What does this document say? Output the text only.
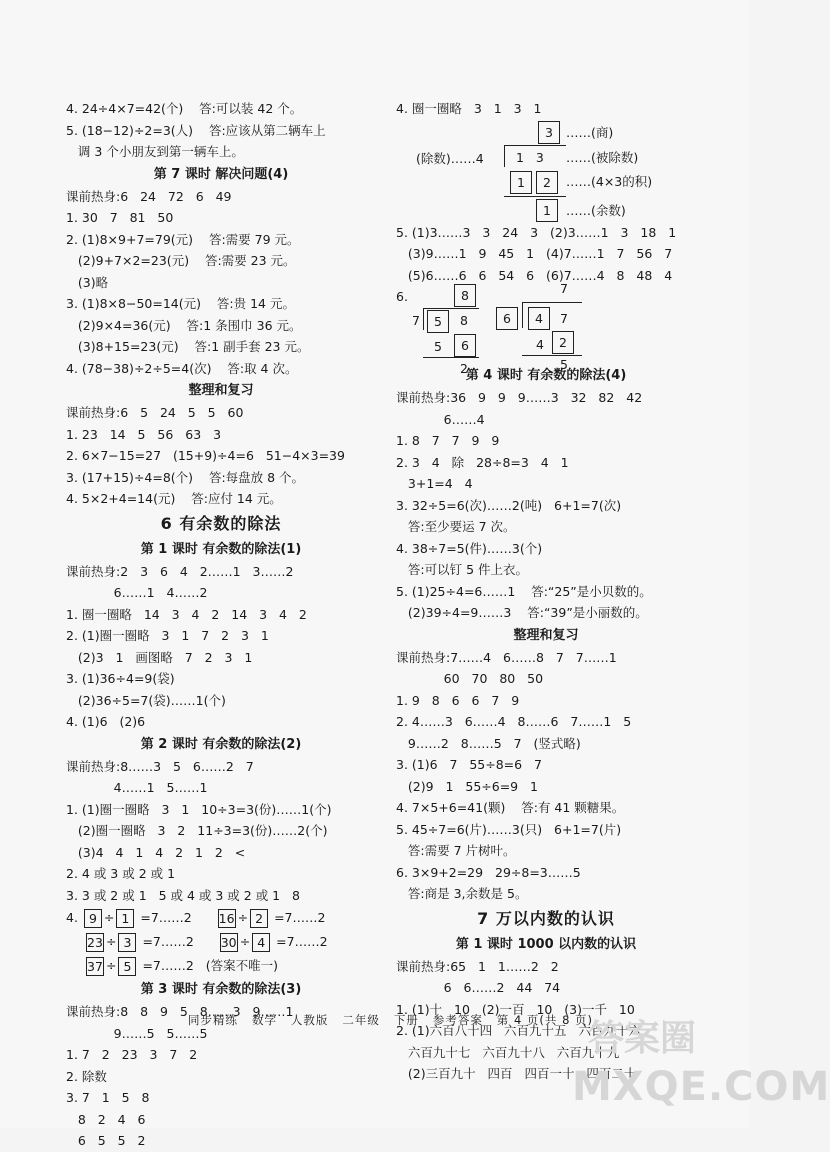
4. 24÷4×7=42(个)    答:可以装 42 个。
5. (18−12)÷2=3(人)    答:应该从第二辆车上
调 3 个小朋友到第一辆车上。
第 7 课时 解决问题(4)
课前热身:6   24   72   6   49
1. 30   7   81   50
2. (1)8×9+7=79(元)    答:需要 79 元。
(2)9+7×2=23(元)    答:需要 23 元。
(3)略
3. (1)8×8−50=14(元)    答:贵 14 元。
(2)9×4=36(元)    答:1 条围巾 36 元。
(3)8+15=23(元)    答:1 副手套 23 元。
4. (78−38)÷2÷5=4(次)    答:取 4 次。
整理和复习
课前热身:6   5   24   5   5   60
1. 23   14   5   56   63   3
2. 6×7−15=27   (15+9)÷4=6   51−4×3=39
3. (17+15)÷4=8(个)    答:每盘放 8 个。
4. 5×2+4=14(元)    答:应付 14 元。
6 有余数的除法
第 1 课时 有余数的除法(1)
课前热身:2   3   6   4   2……1   3……2
6……1   4……2
1. 圈一圈略   14   3   4   2   14   3   4   2
2. (1)圈一圈略   3   1   7   2   3   1
(2)3   1   画图略   7   2   3   1
3. (1)36÷4=9(袋)
(2)36÷5=7(袋)……1(个)
4. (1)6   (2)6
第 2 课时 有余数的除法(2)
课前热身:8……3   5   6……2   7
4……1   5……1
1. (1)圈一圈略   3   1   10÷3=3(份)……1(个)
(2)圈一圈略   3   2   11÷3=3(份)……2(个)
(3)4   4   1   4   2   1   2   <
2. 4 或 3 或 2 或 1
3. 3 或 2 或 1   5 或 4 或 3 或 2 或 1   8
4. 9 ÷ 1 =7……2 16 ÷ 2 =7……2
23 ÷ 3 =7……2 30 ÷ 4 =7……2
37 ÷ 5 =7……2   (答案不唯一)
第 3 课时 有余数的除法(3)
课前热身:8   8   9   5   8……3   9……1
9……5   5……5
1. 7   2   23   3   7   2
2. 除数
3. 7   1   5   8
8   2   4   6
6   5   5   2
4. 圈一圈略   3   1   3   1
3	……(商)
(除数)……4	1   3 ……(被除数)
1	2	……(4×3的积)
1	……(余数)
5. (1)3……3   3   24   3   (2)3……1   3   18   1
(3)9……1   9   45   1   (4)7……1   7   56   7
(5)6……6   6   54   6   (6)7……4   8   48   4
6.	8
7	5	8
5	6
2
7
6	4	7
4	2
5
第 4 课时 有余数的除法(4)
课前热身:36   9   9   9……3   32   82   42
6……4
1. 8   7   7   9   9
2. 3   4   除   28÷8=3   4   1
3+1=4   4
3. 32÷5=6(次)……2(吨)   6+1=7(次)
答:至少要运 7 次。
4. 38÷7=5(件)……3(个)
答:可以钉 5 件上衣。
5. (1)25÷4=6……1    答:“25”是小贝数的。
(2)39÷4=9……3    答:“39”是小丽数的。
整理和复习
课前热身:7……4   6……8   7   7……1
60   70   80   50
1. 9   8   6   6   7   9
2. 4……3   6……4   8……6   7……1   5
9……2   8……5   7   (竖式略)
3. (1)6   7   55÷8=6   7
(2)9   1   55÷6=9   1
4. 7×5+6=41(颗)    答:有 41 颗糖果。
5. 45÷7=6(片)……3(只)   6+1=7(片)
答:需要 7 片树叶。
6. 3×9+2=29   29÷8=3……5
答:商是 3,余数是 5。
7 万以内数的认识
第 1 课时 1000 以内数的认识
课前热身:65   1   1……2   2
6   6……2   44   74
1. (1)十   10   (2)一百   10   (3)一千   10
2. (1)六百八十四   六百九十五   六百九十六
六百九十七   六百九十八   六百九十九
(2)三百九十   四百   四百一十   四百二十
同步精练   数学   人教版   二年级   下册   参考答案   第 4 页(共 8 页)
答案圈
MXQE.COM
